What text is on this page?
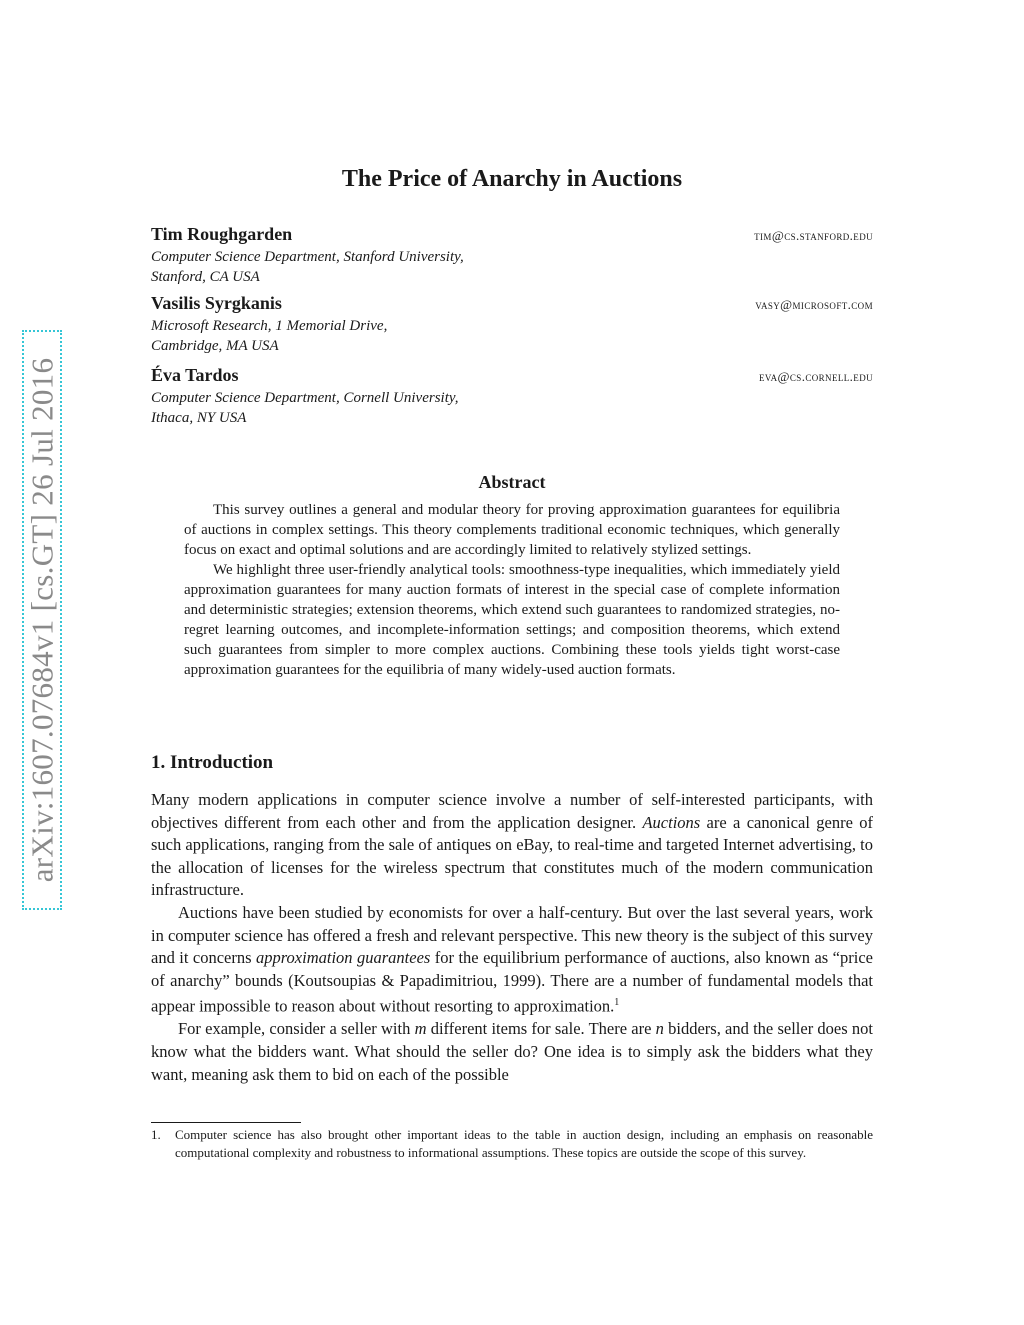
arXiv:1607.07684v1 [cs.GT] 26 Jul 2016
The Price of Anarchy in Auctions
Tim Roughgarden	tim@cs.stanford.edu
Computer Science Department, Stanford University,
Stanford, CA USA
Vasilis Syrgkanis	vasy@microsoft.com
Microsoft Research, 1 Memorial Drive,
Cambridge, MA USA
Éva Tardos	eva@cs.cornell.edu
Computer Science Department, Cornell University,
Ithaca, NY USA
Abstract

This survey outlines a general and modular theory for proving approximation guarantees for equilibria of auctions in complex settings. This theory complements traditional economic techniques, which generally focus on exact and optimal solutions and are accordingly limited to relatively stylized settings.

We highlight three user-friendly analytical tools: smoothness-type inequalities, which immediately yield approximation guarantees for many auction formats of interest in the special case of complete information and deterministic strategies; extension theorems, which extend such guarantees to randomized strategies, no-regret learning outcomes, and incomplete-information settings; and composition theorems, which extend such guarantees from simpler to more complex auctions. Combining these tools yields tight worst-case approximation guarantees for the equilibria of many widely-used auction formats.

1. Introduction

Many modern applications in computer science involve a number of self-interested participants, with objectives different from each other and from the application designer. Auctions are a canonical genre of such applications, ranging from the sale of antiques on eBay, to real-time and targeted Internet advertising, to the allocation of licenses for the wireless spectrum that constitutes much of the modern communication infrastructure.

Auctions have been studied by economists for over a half-century. But over the last several years, work in computer science has offered a fresh and relevant perspective. This new theory is the subject of this survey and it concerns approximation guarantees for the equilibrium performance of auctions, also known as “price of anarchy” bounds (Koutsoupias & Papadimitriou, 1999). There are a number of fundamental models that appear impossible to reason about without resorting to approximation.$^1$

For example, consider a seller with m different items for sale. There are n bidders, and the seller does not know what the bidders want. What should the seller do? One idea is to simply ask the bidders what they want, meaning ask them to bid on each of the possible

1. Computer science has also brought other important ideas to the table in auction design, including an emphasis on reasonable computational complexity and robustness to informational assumptions. These topics are outside the scope of this survey.
